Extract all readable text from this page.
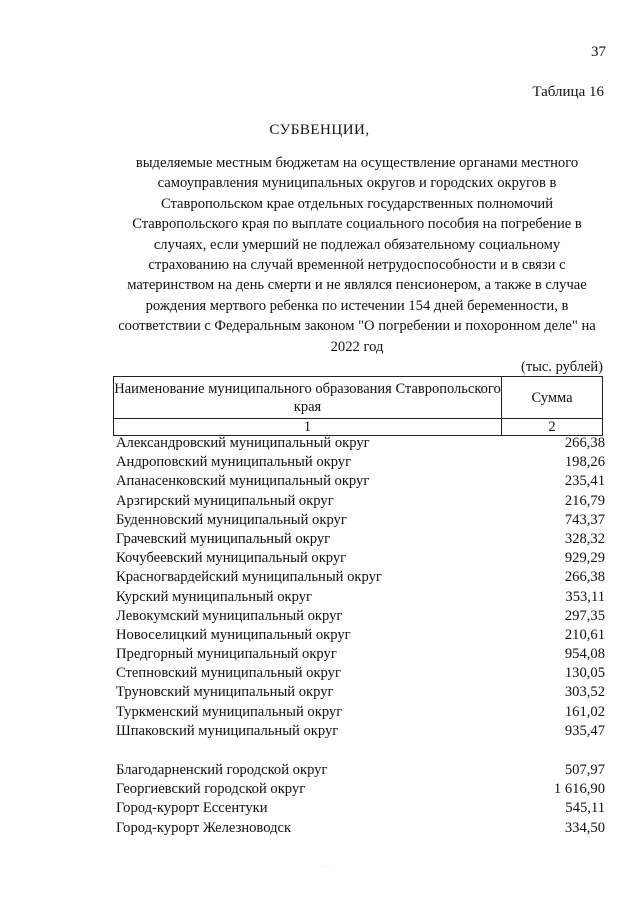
37
Таблица 16
СУБВЕНЦИИ,
выделяемые местным бюджетам на осуществление органами местного самоуправления муниципальных округов и городских округов в Ставропольском крае отдельных государственных полномочий Ставропольского края по выплате социального пособия на погребение в случаях, если умерший не подлежал обязательному социальному страхованию на случай временной нетрудоспособности и в связи с материнством на день смерти и не являлся пенсионером, а также в случае рождения мертвого ребенка по истечении 154 дней беременности, в соответствии с Федеральным законом "О погребении и похоронном деле" на 2022 год
(тыс. рублей)
Наименование муниципального образования Ставропольского края	Сумма
1	2
Александровский муниципальный округ	266,38
Андроповский муниципальный округ	198,26
Апанасенковский муниципальный округ	235,41
Арзгирский муниципальный округ	216,79
Буденновский муниципальный округ	743,37
Грачевский муниципальный округ	328,32
Кочубеевский муниципальный округ	929,29
Красногвардейский муниципальный округ	266,38
Курский муниципальный округ	353,11
Левокумский муниципальный округ	297,35
Новоселицкий муниципальный округ	210,61
Предгорный муниципальный округ	954,08
Степновский муниципальный округ	130,05
Труновский муниципальный округ	303,52
Туркменский муниципальный округ	161,02
Шпаковский муниципальный округ	935,47
Благодарненский городской округ	507,97
Георгиевский городской округ	1 616,90
Город-курорт Ессентуки	545,11
Город-курорт Железноводск	334,50
· · ·
